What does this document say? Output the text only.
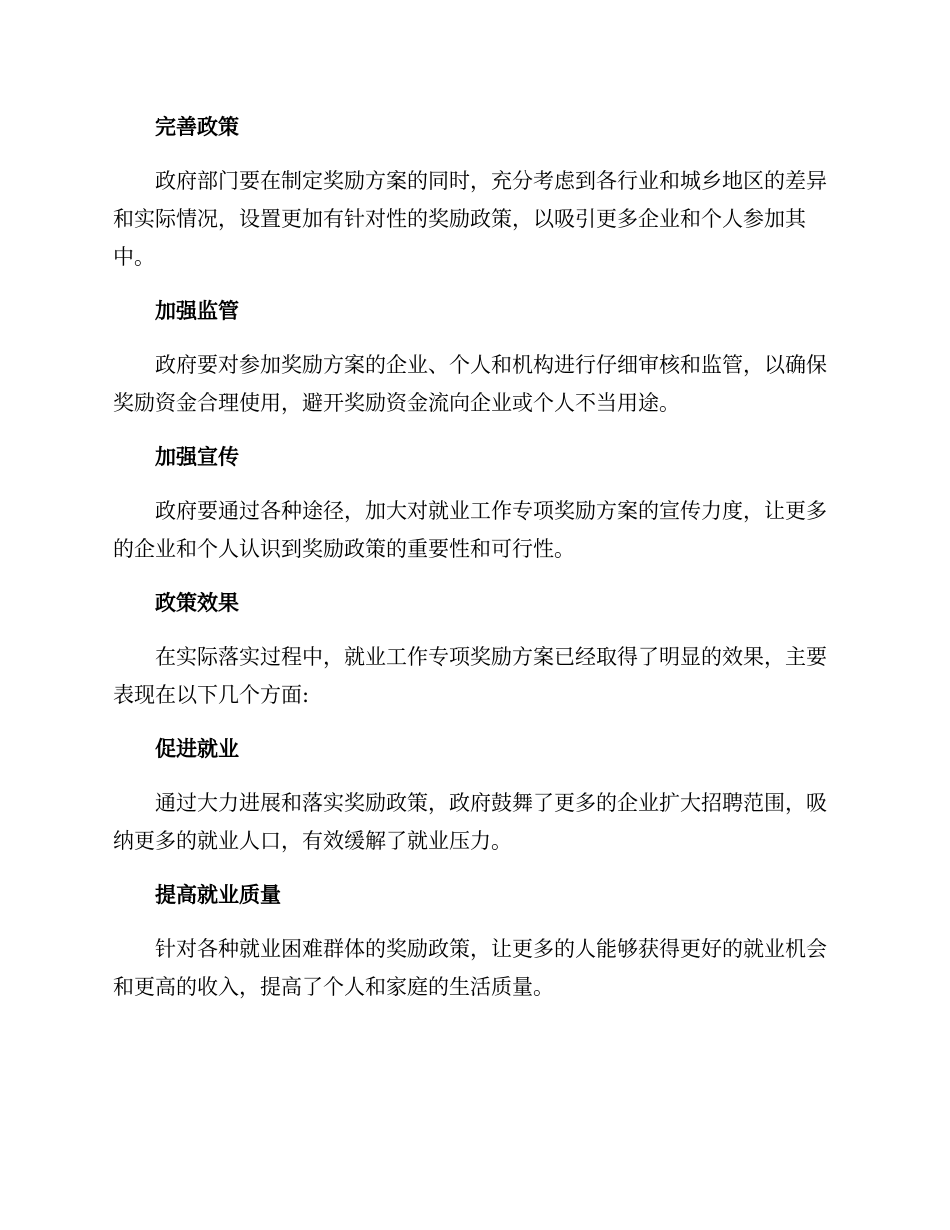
完善政策

政府部门要在制定奖励方案的同时，充分考虑到各行业和城乡地区的差异和实际情况，设置更加有针对性的奖励政策，以吸引更多企业和个人参加其中。

加强监管

政府要对参加奖励方案的企业、个人和机构进行仔细审核和监管，以确保奖励资金合理使用，避开奖励资金流向企业或个人不当用途。

加强宣传

政府要通过各种途径，加大对就业工作专项奖励方案的宣传力度，让更多的企业和个人认识到奖励政策的重要性和可行性。

政策效果

在实际落实过程中，就业工作专项奖励方案已经取得了明显的效果，主要表现在以下几个方面:

促进就业

通过大力进展和落实奖励政策，政府鼓舞了更多的企业扩大招聘范围，吸纳更多的就业人口，有效缓解了就业压力。

提高就业质量

针对各种就业困难群体的奖励政策，让更多的人能够获得更好的就业机会和更高的收入，提高了个人和家庭的生活质量。
